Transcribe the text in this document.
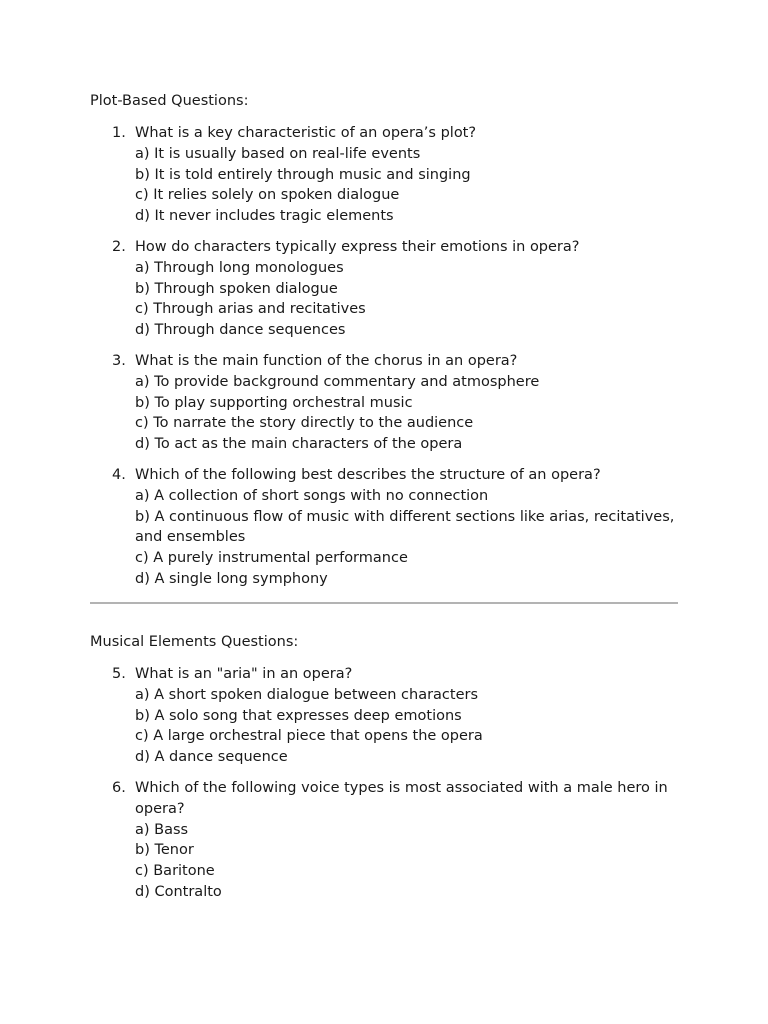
Plot-Based Questions:
1. What is a key characteristic of an opera’s plot?
a) It is usually based on real-life events
b) It is told entirely through music and singing
c) It relies solely on spoken dialogue
d) It never includes tragic elements
2. How do characters typically express their emotions in opera?
a) Through long monologues
b) Through spoken dialogue
c) Through arias and recitatives
d) Through dance sequences
3. What is the main function of the chorus in an opera?
a) To provide background commentary and atmosphere
b) To play supporting orchestral music
c) To narrate the story directly to the audience
d) To act as the main characters of the opera
4. Which of the following best describes the structure of an opera?
a) A collection of short songs with no connection
b) A continuous flow of music with different sections like arias, recitatives, and ensembles
c) A purely instrumental performance
d) A single long symphony
Musical Elements Questions:
5. What is an "aria" in an opera?
a) A short spoken dialogue between characters
b) A solo song that expresses deep emotions
c) A large orchestral piece that opens the opera
d) A dance sequence
6. Which of the following voice types is most associated with a male hero in opera?
a) Bass
b) Tenor
c) Baritone
d) Contralto
